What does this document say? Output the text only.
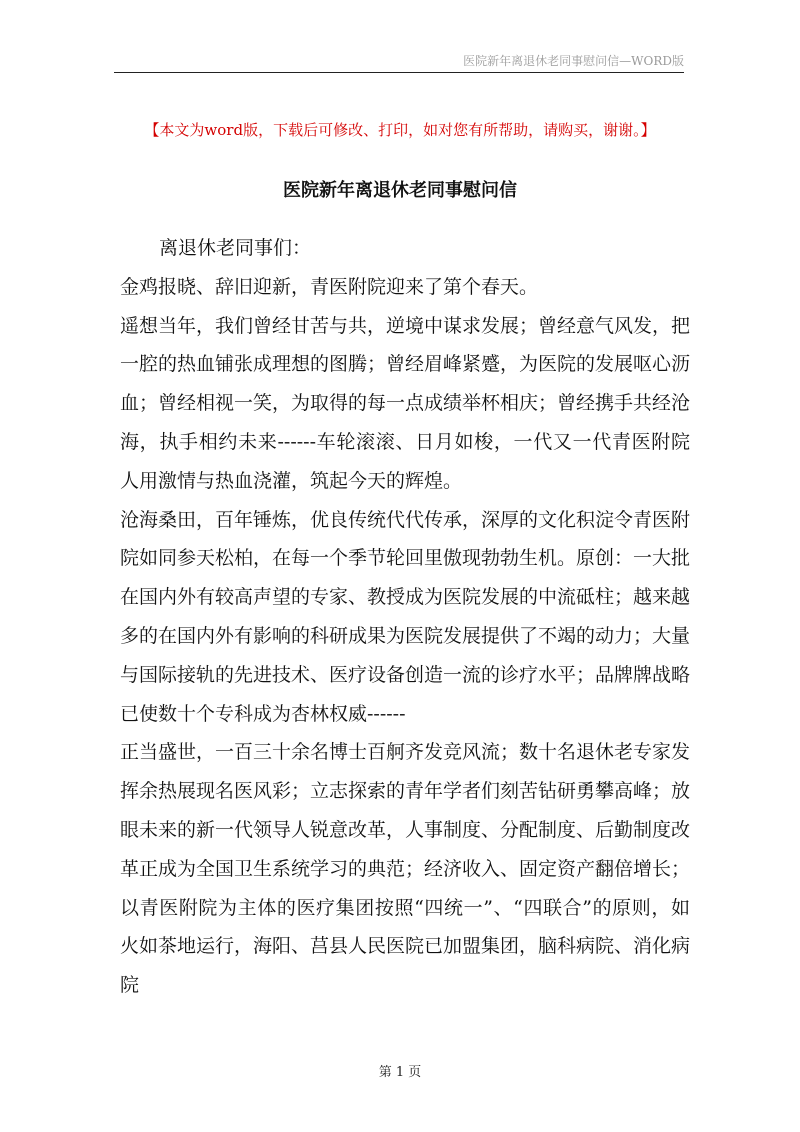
医院新年离退休老同事慰问信—WORD版
【本文为word版，下载后可修改、打印，如对您有所帮助，请购买，谢谢。】
医院新年离退休老同事慰问信

离退休老同事们：

金鸡报晓、辞旧迎新，青医附院迎来了第个春天。

遥想当年，我们曾经甘苦与共，逆境中谋求发展；曾经意气风发，把一腔的热血铺张成理想的图腾；曾经眉峰紧蹙，为医院的发展呕心沥血；曾经相视一笑，为取得的每一点成绩举杯相庆；曾经携手共经沧海，执手相约未来------车轮滚滚、日月如梭，一代又一代青医附院人用激情与热血浇灌，筑起今天的辉煌。

沧海桑田，百年锤炼，优良传统代代传承，深厚的文化积淀令青医附院如同参天松柏，在每一个季节轮回里傲现勃勃生机。原创：一大批在国内外有较高声望的专家、教授成为医院发展的中流砥柱；越来越多的在国内外有影响的科研成果为医院发展提供了不竭的动力；大量与国际接轨的先进技术、医疗设备创造一流的诊疗水平；品牌牌战略已使数十个专科成为杏林权威------

正当盛世，一百三十余名博士百舸齐发竞风流；数十名退休老专家发挥余热展现名医风彩；立志探索的青年学者们刻苦钻研勇攀高峰；放眼未来的新一代领导人锐意改革，人事制度、分配制度、后勤制度改革正成为全国卫生系统学习的典范；经济收入、固定资产翻倍增长；以青医附院为主体的医疗集团按照“四统一”、“四联合”的原则，如火如茶地运行，海阳、莒县人民医院已加盟集团，脑科病院、消化病院

第 1 页
